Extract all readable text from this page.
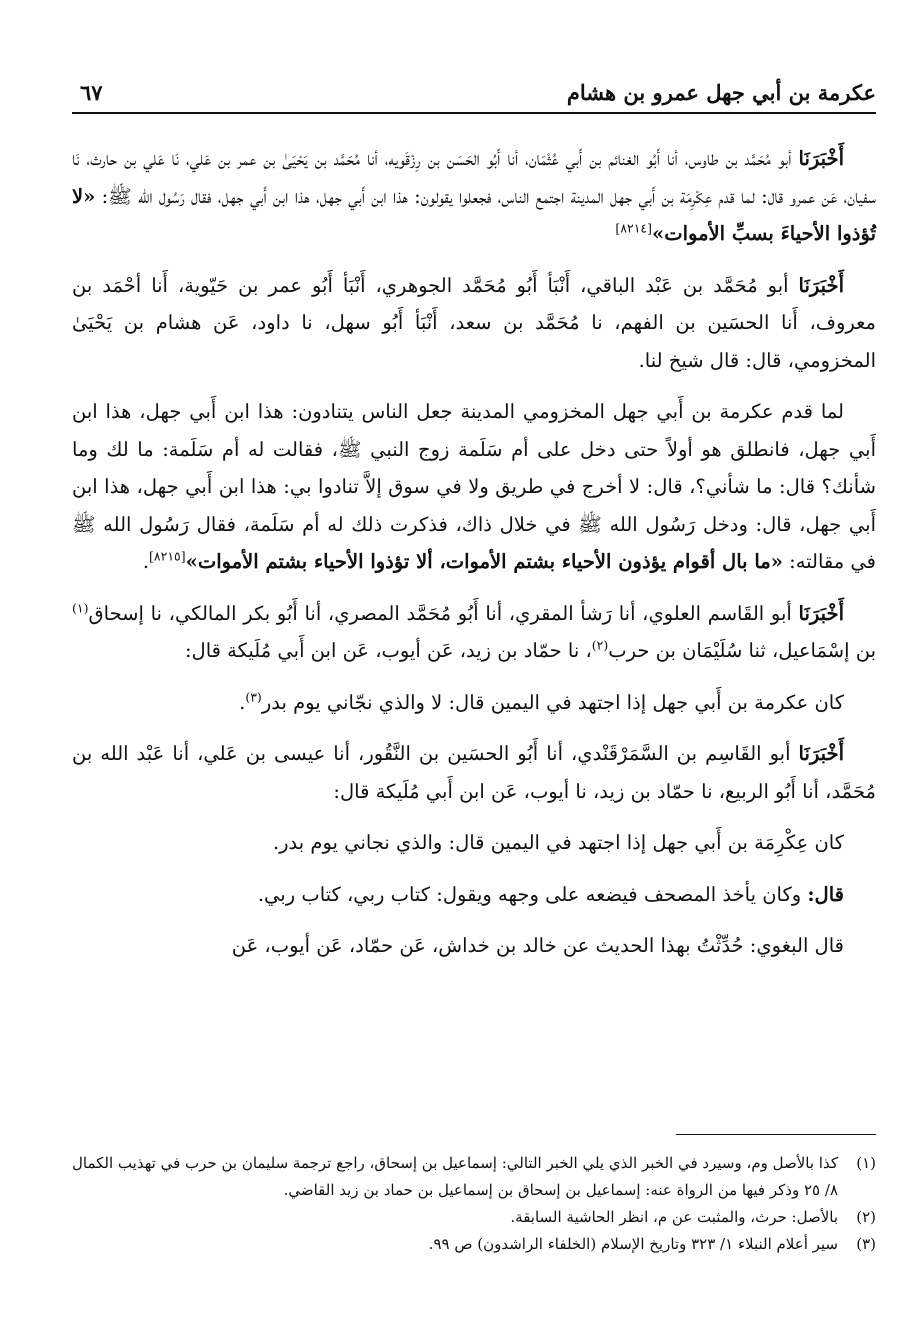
عكرمة بن أبي جهل عمرو بن هشام
٦٧

أَخْبَرَنَا أبو مُحَمَّد بن طاوس، أنا أَبُو الغنائم بن أَبي عُثْمَان، أنا أَبُو الحَسَن بن رِزْقَويه، أنا مُحَمَّد بن يَحْيَىٰ بن عمر بن عَلي، نَا عَلي بن حارث، نَا سفيان، عَن عمرو قال: لما قدم عِكْرِمَة بن أَبي جهل المدينة اجتمع الناس، فجعلوا يقولون: هذا ابن أَبي جهل، هذا ابن أَبي جهل، فقال رَسُول الله ﷺ: «لا تُؤذوا الأحياءَ بسبِّ الأموات»[٨٢١٤]

أَخْبَرَنَا أبو مُحَمَّد بن عَبْد الباقي، أَنْبَأ أَبُو مُحَمَّد الجوهري، أَنْبَأ أَبُو عمر بن حَيّوية، أَنا أحْمَد بن معروف، أَنا الحسَين بن الفهم، نا مُحَمَّد بن سعد، أَنْبَأ أَبُو سهل، نا داود، عَن هشام بن يَحْيَىٰ المخزومي، قال: قال شيخ لنا.

لما قدم عكرمة بن أَبي جهل المخزومي المدينة جعل الناس يتنادون: هذا ابن أَبي جهل، هذا ابن أَبي جهل، فانطلق هو أولاً حتى دخل على أم سَلَمة زوج النبي ﷺ، فقالت له أم سَلَمة: ما لك وما شأنك؟ قال: ما شأني؟، قال: لا أخرج في طريق ولا في سوق إلاَّ تنادوا بي: هذا ابن أَبي جهل، هذا ابن أَبي جهل، قال: ودخل رَسُول الله ﷺ في خلال ذاك، فذكرت ذلك له أم سَلَمة، فقال رَسُول الله ﷺ في مقالته: «ما بال أقوام يؤذون الأحياء بشتم الأموات، ألا تؤذوا الأحياء بشتم الأموات»[٨٢١٥].

أَخْبَرَنَا أبو القَاسم العلوي، أنا رَشأ المقري، أنا أَبُو مُحَمَّد المصري، أنا أَبُو بكر المالكي، نا إسحاق$^{(١)}$ بن إسْمَاعيل، ثنا سُلَيْمَان بن حرب$^{(٢)}$، نا حمّاد بن زيد، عَن أيوب، عَن ابن أَبي مُلَيكة قال:

كان عكرمة بن أَبي جهل إذا اجتهد في اليمين قال: لا والذي نجّاني يوم بدر$^{(٣)}$.

أَخْبَرَنَا أبو القَاسِم بن السَّمَرْقَنْدي، أنا أَبُو الحسَين بن النَّقُور، أنا عيسى بن عَلي، أنا عَبْد الله بن مُحَمَّد، أنا أَبُو الربيع، نا حمّاد بن زيد، نا أيوب، عَن ابن أَبي مُلَيكة قال:

كان عِكْرِمَة بن أَبي جهل إذا اجتهد في اليمين قال: والذي نجاني يوم بدر.

قال: وكان يأخذ المصحف فيضعه على وجهه ويقول: كتاب ربي، كتاب ربي.

قال البغوي: حُدِّثْتُ بهذا الحديث عن خالد بن خداش، عَن حمّاد، عَن أيوب، عَن

(١)
كذا بالأصل وم، وسيرد في الخبر الذي يلي الخبر التالي: إسماعيل بن إسحاق، راجع ترجمة سليمان بن حرب في تهذيب الكمال ٨/ ٢٥ وذكر فيها من الرواة عنه: إسماعيل بن إسحاق بن إسماعيل بن حماد بن زيد القاضي.
(٢)
بالأصل: حرث، والمثبت عن م، انظر الحاشية السابقة.
(٣)
سير أعلام النبلاء ١/ ٣٢٣ وتاريخ الإسلام (الخلفاء الراشدون) ص ٩٩.
